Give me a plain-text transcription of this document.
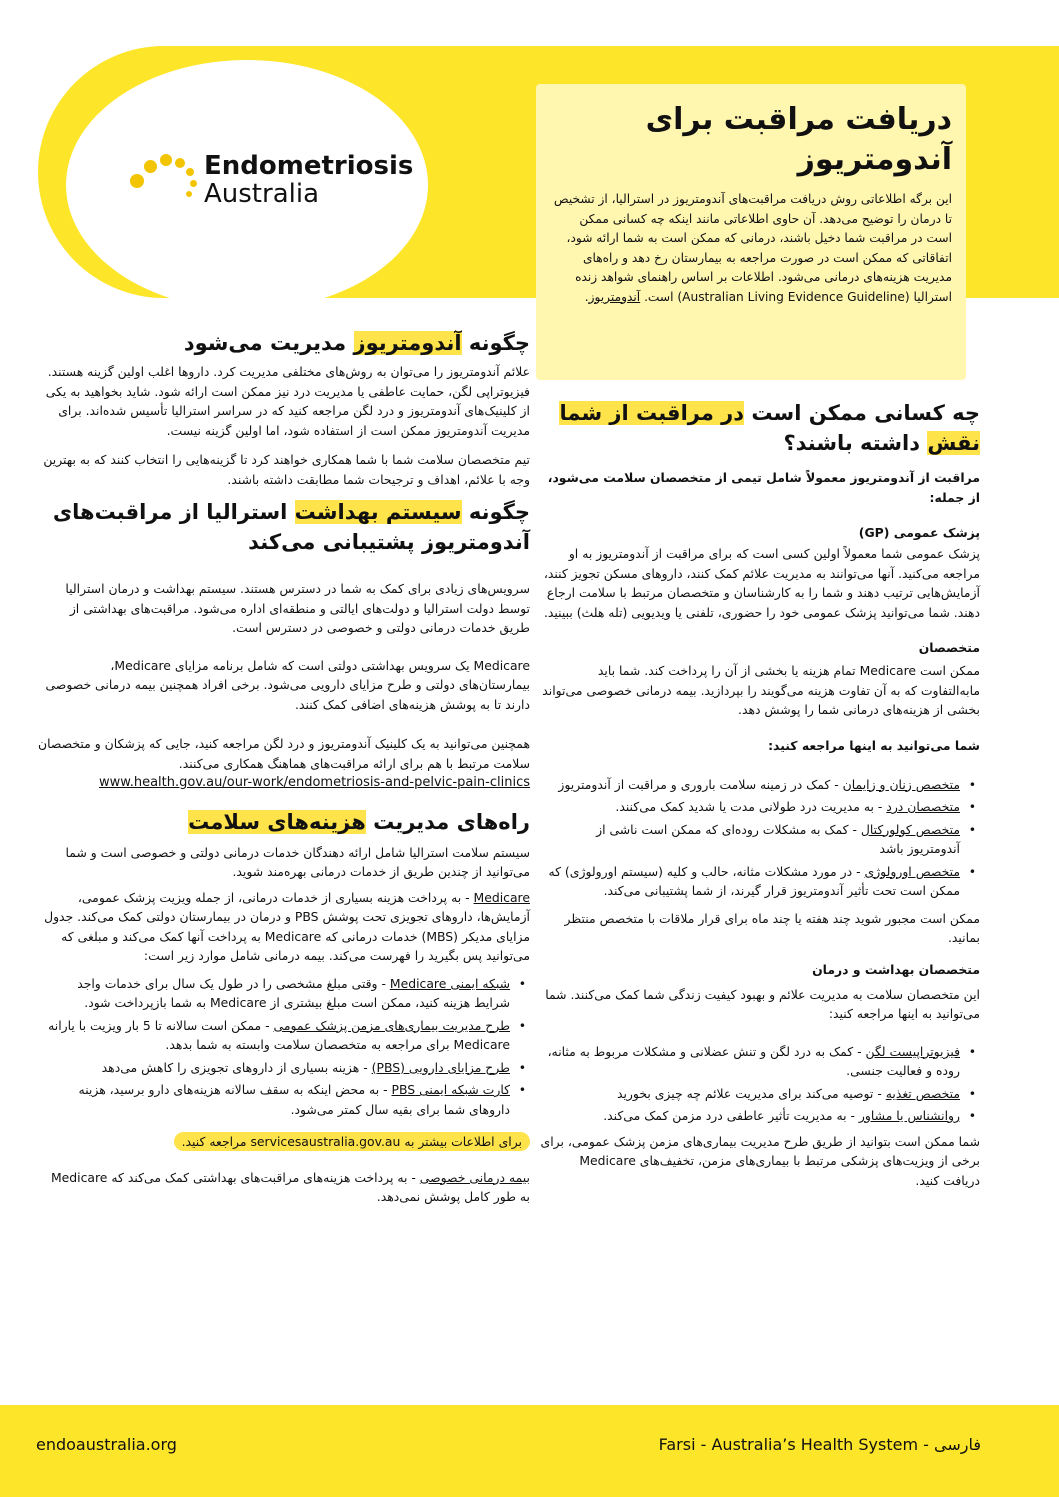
Endometriosis
Australia
دریافت مراقبت برای
آندومتریوز
این برگه اطلاعاتی روش دریافت مراقبت‌های آندومتریوز در استرالیا، از تشخیص تا درمان را توضیح می‌دهد. آن حاوی اطلاعاتی مانند اینکه چه کسانی ممکن است در مراقبت شما دخیل باشند، درمانی که ممکن است به شما ارائه شود، اتفاقاتی که ممکن است در صورت مراجعه به بیمارستان رخ دهد و راه‌های مدیریت هزینه‌های درمانی می‌شود. اطلاعات بر اساس راهنمای شواهد زنده استرالیا (Australian Living Evidence Guideline) است. آندومتریوز.
چگونه آندومتریوز مدیریت می‌شود
علائم آندومتریوز را می‌توان به روش‌های مختلفی مدیریت کرد. داروها اغلب اولین گزینه هستند. فیزیوتراپی لگن، حمایت عاطفی یا مدیریت درد نیز ممکن است ارائه شود. شاید بخواهید به یکی از کلینیک‌های آندومتریوز و درد لگن مراجعه کنید که در سراسر استرالیا تأسیس شده‌اند. برای مدیریت آندومتریوز ممکن است از استفاده شود، اما اولین گزینه نیست.
تیم متخصصان سلامت شما با شما همکاری خواهند کرد تا گزینه‌هایی را انتخاب کنند که به بهترین وجه با علائم، اهداف و ترجیحات شما مطابقت داشته باشند.
چگونه سیستم بهداشت استرالیا از مراقبت‌های آندومتریوز پشتیبانی می‌کند
سرویس‌های زیادی برای کمک به شما در دسترس هستند. سیستم بهداشت و درمان استرالیا توسط دولت استرالیا و دولت‌های ایالتی و منطقه‌ای اداره می‌شود. مراقبت‌های بهداشتی از طریق خدمات درمانی دولتی و خصوصی در دسترس است.
Medicare یک سرویس بهداشتی دولتی است که شامل برنامه مزایای Medicare، بیمارستان‌های دولتی و طرح مزایای دارویی می‌شود. برخی افراد همچنین بیمه درمانی خصوصی دارند تا به پوشش هزینه‌های اضافی کمک کنند.
همچنین می‌توانید به یک کلینیک آندومتریوز و درد لگن مراجعه کنید، جایی که پزشکان و متخصصان سلامت مرتبط با هم برای ارائه مراقبت‌های هماهنگ همکاری می‌کنند.
www.health.gov.au/our-work/endometriosis-and-pelvic-pain-clinics
راه‌های مدیریت هزینه‌های سلامت
سیستم سلامت استرالیا شامل ارائه دهندگان خدمات درمانی دولتی و خصوصی است و شما می‌توانید از چندین طریق از خدمات درمانی بهره‌مند شوید.
Medicare - به پرداخت هزینه بسیاری از خدمات درمانی، از جمله ویزیت پزشک عمومی، آزمایش‌ها، داروهای تجویزی تحت پوشش PBS و درمان در بیمارستان دولتی کمک می‌کند. جدول مزایای مدیکر (MBS) خدمات درمانی که Medicare به پرداخت آنها کمک می‌کند و مبلغی که می‌توانید پس بگیرید را فهرست می‌کند. بیمه درمانی شامل موارد زیر است:
• شبکه ایمنی Medicare - وقتی مبلغ مشخصی را در طول یک سال برای خدمات واجد شرایط هزینه کنید، ممکن است مبلغ بیشتری از Medicare به شما بازپرداخت شود.
• طرح مدیریت بیماری‌های مزمن پزشک عمومی - ممکن است سالانه تا 5 بار ویزیت با یارانه Medicare برای مراجعه به متخصصان سلامت وابسته به شما بدهد.
• طرح مزایای دارویی (PBS) - هزینه بسیاری از داروهای تجویزی را کاهش می‌دهد
• کارت شبکه ایمنی PBS - به محض اینکه به سقف سالانه هزینه‌های دارو برسید، هزینه داروهای شما برای بقیه سال کمتر می‌شود.
برای اطلاعات بیشتر به servicesaustralia.gov.au مراجعه کنید.
بیمه درمانی خصوصی - به پرداخت هزینه‌های مراقبت‌های بهداشتی کمک می‌کند که Medicare به طور کامل پوشش نمی‌دهد.
چه کسانی ممکن است در مراقبت از شما نقش داشته باشند؟
مراقبت از آندومتریوز معمولاً شامل تیمی از متخصصان سلامت می‌شود، از جمله:
پزشک عمومی (GP)
پزشک عمومی شما معمولاً اولین کسی است که برای مراقبت از آندومتریوز به او مراجعه می‌کنید. آنها می‌توانند به مدیریت علائم کمک کنند، داروهای مسکن تجویز کنند، آزمایش‌هایی ترتیب دهند و شما را به کارشناسان و متخصصان مرتبط با سلامت ارجاع دهند. شما می‌توانید پزشک عمومی خود را حضوری، تلفنی یا ویدیویی (تله هلث) ببینید.
متخصصان
ممکن است Medicare تمام هزینه یا بخشی از آن را پرداخت کند. شما باید مابه‌التفاوت که به آن تفاوت هزینه می‌گویند را بپردازید. بیمه درمانی خصوصی می‌تواند بخشی از هزینه‌های درمانی شما را پوشش دهد.
شما می‌توانید به اینها مراجعه کنید:
• متخصص زنان و زایمان - کمک در زمینه سلامت باروری و مراقبت از آندومتریوز
• متخصصان درد - به مدیریت درد طولانی مدت یا شدید کمک می‌کنند.
• متخصص کولورکتال - کمک به مشکلات روده‌ای که ممکن است ناشی از آندومتریوز باشد
• متخصص اورولوژی - در مورد مشکلات مثانه، حالب و کلیه (سیستم اورولوژی) که ممکن است تحت تأثیر آندومتریوز قرار گیرند، از شما پشتیبانی می‌کند.
ممکن است مجبور شوید چند هفته یا چند ماه برای قرار ملاقات با متخصص منتظر بمانید.
متخصصان بهداشت و درمان
این متخصصان سلامت به مدیریت علائم و بهبود کیفیت زندگی شما کمک می‌کنند. شما می‌توانید به اینها مراجعه کنید:
• فیزیوتراپیست لگن - کمک به درد لگن و تنش عضلانی و مشکلات مربوط به مثانه، روده و فعالیت جنسی.
• متخصص تغذیه - توصیه می‌کند برای مدیریت علائم چه چیزی بخورید
• روانشناس یا مشاور - به مدیریت تأثیر عاطفی درد مزمن کمک می‌کند.
شما ممکن است بتوانید از طریق طرح مدیریت بیماری‌های مزمن پزشک عمومی، برای برخی از ویزیت‌های پزشکی مرتبط با بیماری‌های مزمن، تخفیف‌های Medicare دریافت کنید.
endoaustralia.org	Farsi - Australia’s Health System - فارسی
